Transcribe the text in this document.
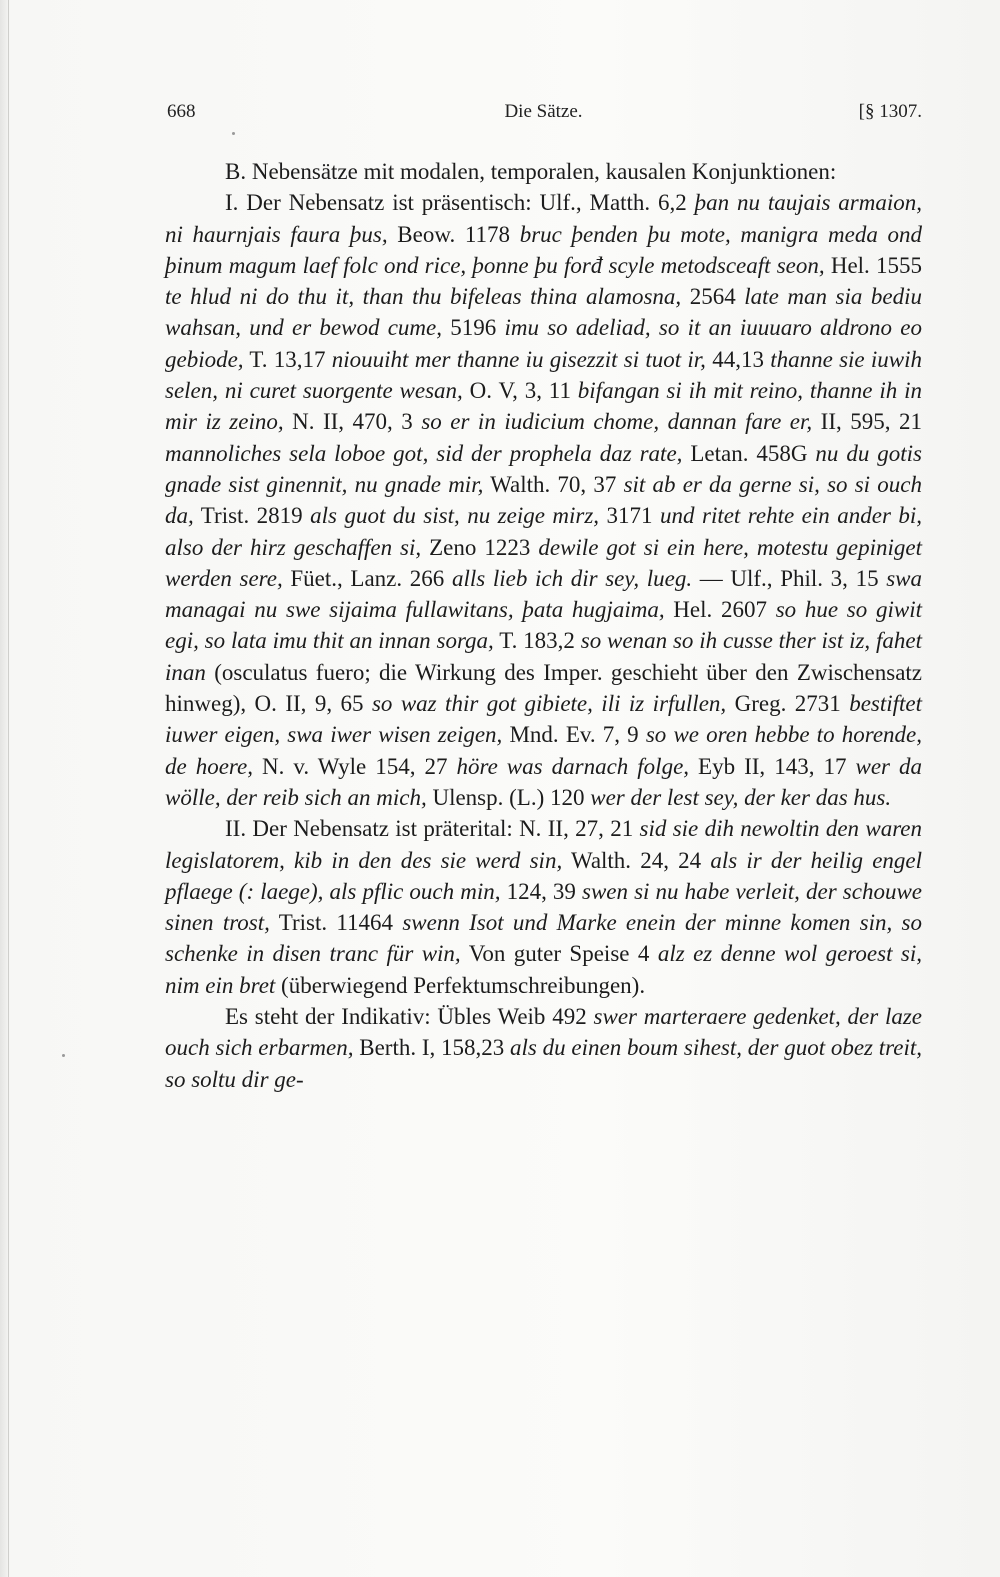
668	Die Sätze.	[§ 1307.

B. Nebensätze mit modalen, temporalen, kausalen Konjunktionen:

I. Der Nebensatz ist präsentisch: Ulf., Matth. 6,2 þan nu taujais armaion, ni haurnjais faura þus, Beow. 1178 bruc þenden þu mote, manigra meda ond þinum magum laef folc ond rice, þonne þu forđ scyle metodsceaft seon, Hel. 1555 te hlud ni do thu it, than thu bifeleas thina alamosna, 2564 late man sia bediu wahsan, und er bewod cume, 5196 imu so adeliad, so it an iuuuaro aldrono eo gebiode, T. 13,17 niouuiht mer thanne iu gisezzit si tuot ir, 44,13 thanne sie iuwih selen, ni curet suorgente wesan, O. V, 3, 11 bifangan si ih mit reino, thanne ih in mir iz zeino, N. II, 470, 3 so er in iudicium chome, dannan fare er, II, 595, 21 mannoliches sela loboe got, sid der prophela daz rate, Letan. 458G nu du gotis gnade sist ginennit, nu gnade mir, Walth. 70, 37 sit ab er da gerne si, so si ouch da, Trist. 2819 als guot du sist, nu zeige mirz, 3171 und ritet rehte ein ander bi, also der hirz geschaffen si, Zeno 1223 dewile got si ein here, motestu gepiniget werden sere, Füet., Lanz. 266 alls lieb ich dir sey, lueg. — Ulf., Phil. 3, 15 swa managai nu swe sijaima fullawitans, þata hugjaima, Hel. 2607 so hue so giwit egi, so lata imu thit an innan sorga, T. 183,2 so wenan so ih cusse ther ist iz, fahet inan (osculatus fuero; die Wirkung des Imper. geschieht über den Zwischensatz hinweg), O. II, 9, 65 so waz thir got gibiete, ili iz irfullen, Greg. 2731 bestiftet iuwer eigen, swa iwer wisen zeigen, Mnd. Ev. 7, 9 so we oren hebbe to horende, de hoere, N. v. Wyle 154, 27 höre was darnach folge, Eyb II, 143, 17 wer da wölle, der reib sich an mich, Ulensp. (L.) 120 wer der lest sey, der ker das hus.

II. Der Nebensatz ist präterital: N. II, 27, 21 sid sie dih newoltin den waren legislatorem, kib in den des sie werd sin, Walth. 24, 24 als ir der heilig engel pflaege (: laege), als pflic ouch min, 124, 39 swen si nu habe verleit, der schouwe sinen trost, Trist. 11464 swenn Isot und Marke enein der minne komen sin, so schenke in disen tranc für win, Von guter Speise 4 alz ez denne wol geroest si, nim ein bret (überwiegend Perfektumschreibungen).

Es steht der Indikativ: Übles Weib 492 swer marteraere gedenket, der laze ouch sich erbarmen, Berth. I, 158,23 als du einen boum sihest, der guot obez treit, so soltu dir ge-
